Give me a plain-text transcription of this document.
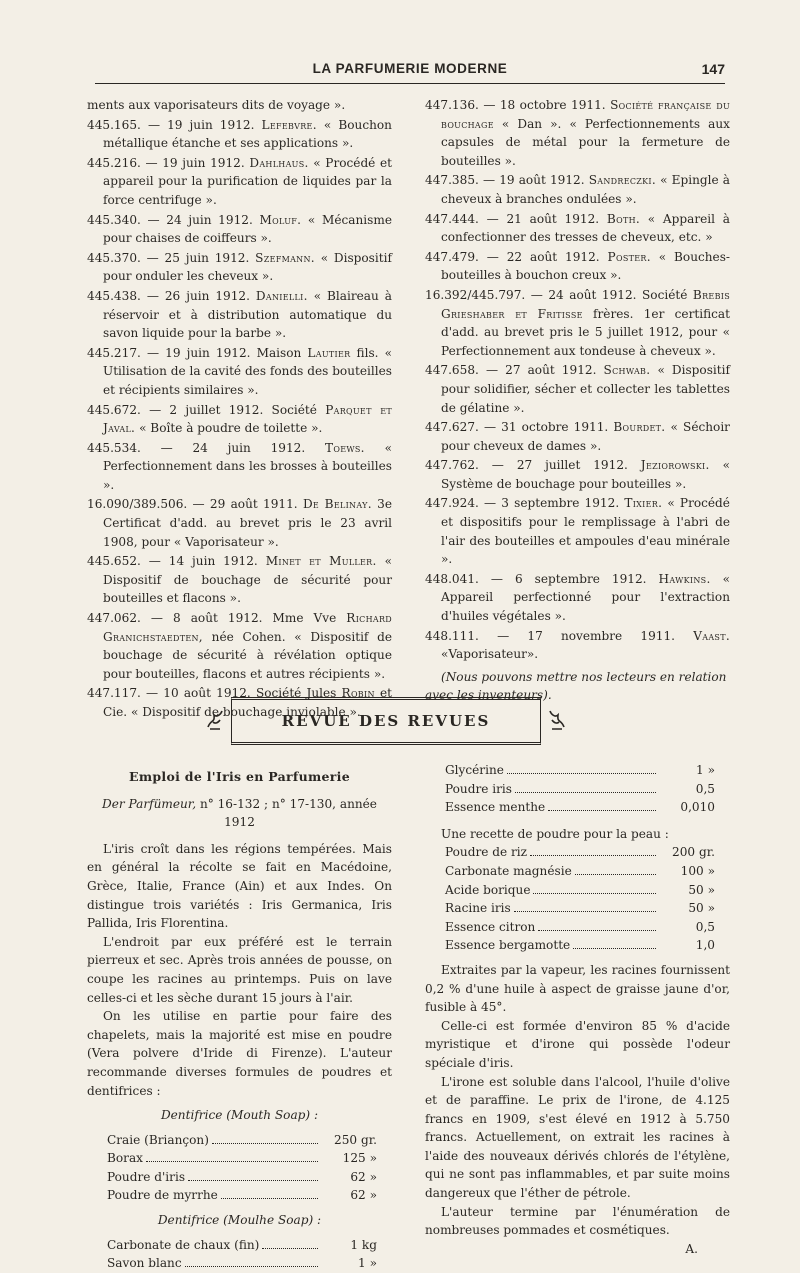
LA PARFUMERIE MODERNE	147

ments aux vaporisateurs dits de voyage ».

445.165. — 19 juin 1912. Lefebvre. « Bouchon métallique étanche et ses applications ».

445.216. — 19 juin 1912. Dahlhaus. « Procédé et appareil pour la purification de liquides par la force centrifuge ».

445.340. — 24 juin 1912. Moluf. « Mécanisme pour chaises de coiffeurs ».

445.370. — 25 juin 1912. Szefmann. « Dispositif pour onduler les cheveux ».

445.438. — 26 juin 1912. Danielli. « Blaireau à réservoir et à distribution automatique du savon liquide pour la barbe ».

445.217. — 19 juin 1912. Maison Lautier fils. « Utilisation de la cavité des fonds des bouteilles et récipients similaires ».

445.672. — 2 juillet 1912. Société Parquet et Javal. « Boîte à poudre de toilette ».

445.534. — 24 juin 1912. Toews. « Perfectionnement dans les brosses à bouteilles ».

16.090/389.506. — 29 août 1911. De Belinay. 3e Certificat d'add. au brevet pris le 23 avril 1908, pour « Vaporisateur ».

445.652. — 14 juin 1912. Minet et Muller. « Dispositif de bouchage de sécurité pour bouteilles et flacons ».

447.062. — 8 août 1912. Mme Vve Richard Granichstaedten, née Cohen. « Dispositif de bouchage de sécurité à révélation optique pour bouteilles, flacons et autres récipients ».

447.117. — 10 août 1912. Société Jules Robin et Cie. « Dispositif de bouchage inviolable ».

447.136. — 18 octobre 1911. Société française du bouchage « Dan ». « Perfectionnements aux capsules de métal pour la fermeture de bouteilles ».

447.385. — 19 août 1912. Sandreczki. « Epingle à cheveux à branches ondulées ».

447.444. — 21 août 1912. Both. « Appareil à confectionner des tresses de cheveux, etc. »

447.479. — 22 août 1912. Poster. « Bouches-bouteilles à bouchon creux ».

16.392/445.797. — 24 août 1912. Société Brebis Grieshaber et Fritisse frères. 1er certificat d'add. au brevet pris le 5 juillet 1912, pour « Perfectionnement aux tondeuse à cheveux ».

447.658. — 27 août 1912. Schwab. « Dispositif pour solidifier, sécher et collecter les tablettes de gélatine ».

447.627. — 31 octobre 1911. Bourdet. « Séchoir pour cheveux de dames ».

447.762. — 27 juillet 1912. Jeziorowski. « Système de bouchage pour bouteilles ».

447.924. — 3 septembre 1912. Tixier. « Procédé et dispositifs pour le remplissage à l'abri de l'air des bouteilles et ampoules d'eau minérale ».

448.041. — 6 septembre 1912. Hawkins. « Appareil perfectionné pour l'extraction d'huiles végétales ».

448.111. — 17 novembre 1911. Vaast. «Vaporisateur».

(Nous pouvons mettre nos lecteurs en relation avec les inventeurs).

REVUE DES REVUES
Emploi de l'Iris en Parfumerie
Der Parfümeur, n° 16-132 ; n° 17-130, année 1912

L'iris croît dans les régions tempérées. Mais en général la récolte se fait en Macédoine, Grèce, Italie, France (Ain) et aux Indes. On distingue trois variétés : Iris Germanica, Iris Pallida, Iris Florentina.

L'endroit par eux préféré est le terrain pierreux et sec. Après trois années de pousse, on coupe les racines au printemps. Puis on lave celles-ci et les sèche durant 15 jours à l'air.

On les utilise en partie pour faire des chapelets, mais la majorité est mise en poudre (Vera polvere d'Iride di Firenze). L'auteur recommande diverses formules de poudres et dentifrices :

Dentifrice (Mouth Soap) :
Craie (Briançon)	250 gr.
Borax	125 »
Poudre d'iris	62 »
Poudre de myrrhe	62 »
Dentifrice (Moulhe Soap) :
Carbonate de chaux (fin)	1 kg
Savon blanc	1 »
Glycérine	1 »
Poudre iris	0,5
Essence menthe	0,010

Une recette de poudre pour la peau :

Poudre de riz	200 gr.
Carbonate magnésie	100 »
Acide borique	50 »
Racine iris	50 »
Essence citron	0,5
Essence bergamotte	1,0

Extraites par la vapeur, les racines fournissent 0,2 % d'une huile à aspect de graisse jaune d'or, fusible à 45°.

Celle-ci est formée d'environ 85 % d'acide myristique et d'irone qui possède l'odeur spéciale d'iris.

L'irone est soluble dans l'alcool, l'huile d'olive et de paraffine. Le prix de l'irone, de 4.125 francs en 1909, s'est élevé en 1912 à 5.750 francs. Actuellement, on extrait les racines à l'aide des nouveaux dérivés chlorés de l'étylène, qui ne sont pas inflammables, et par suite moins dangereux que l'éther de pétrole.

L'auteur termine par l'énumération de nombreuses pommades et cosmétiques.

A.
